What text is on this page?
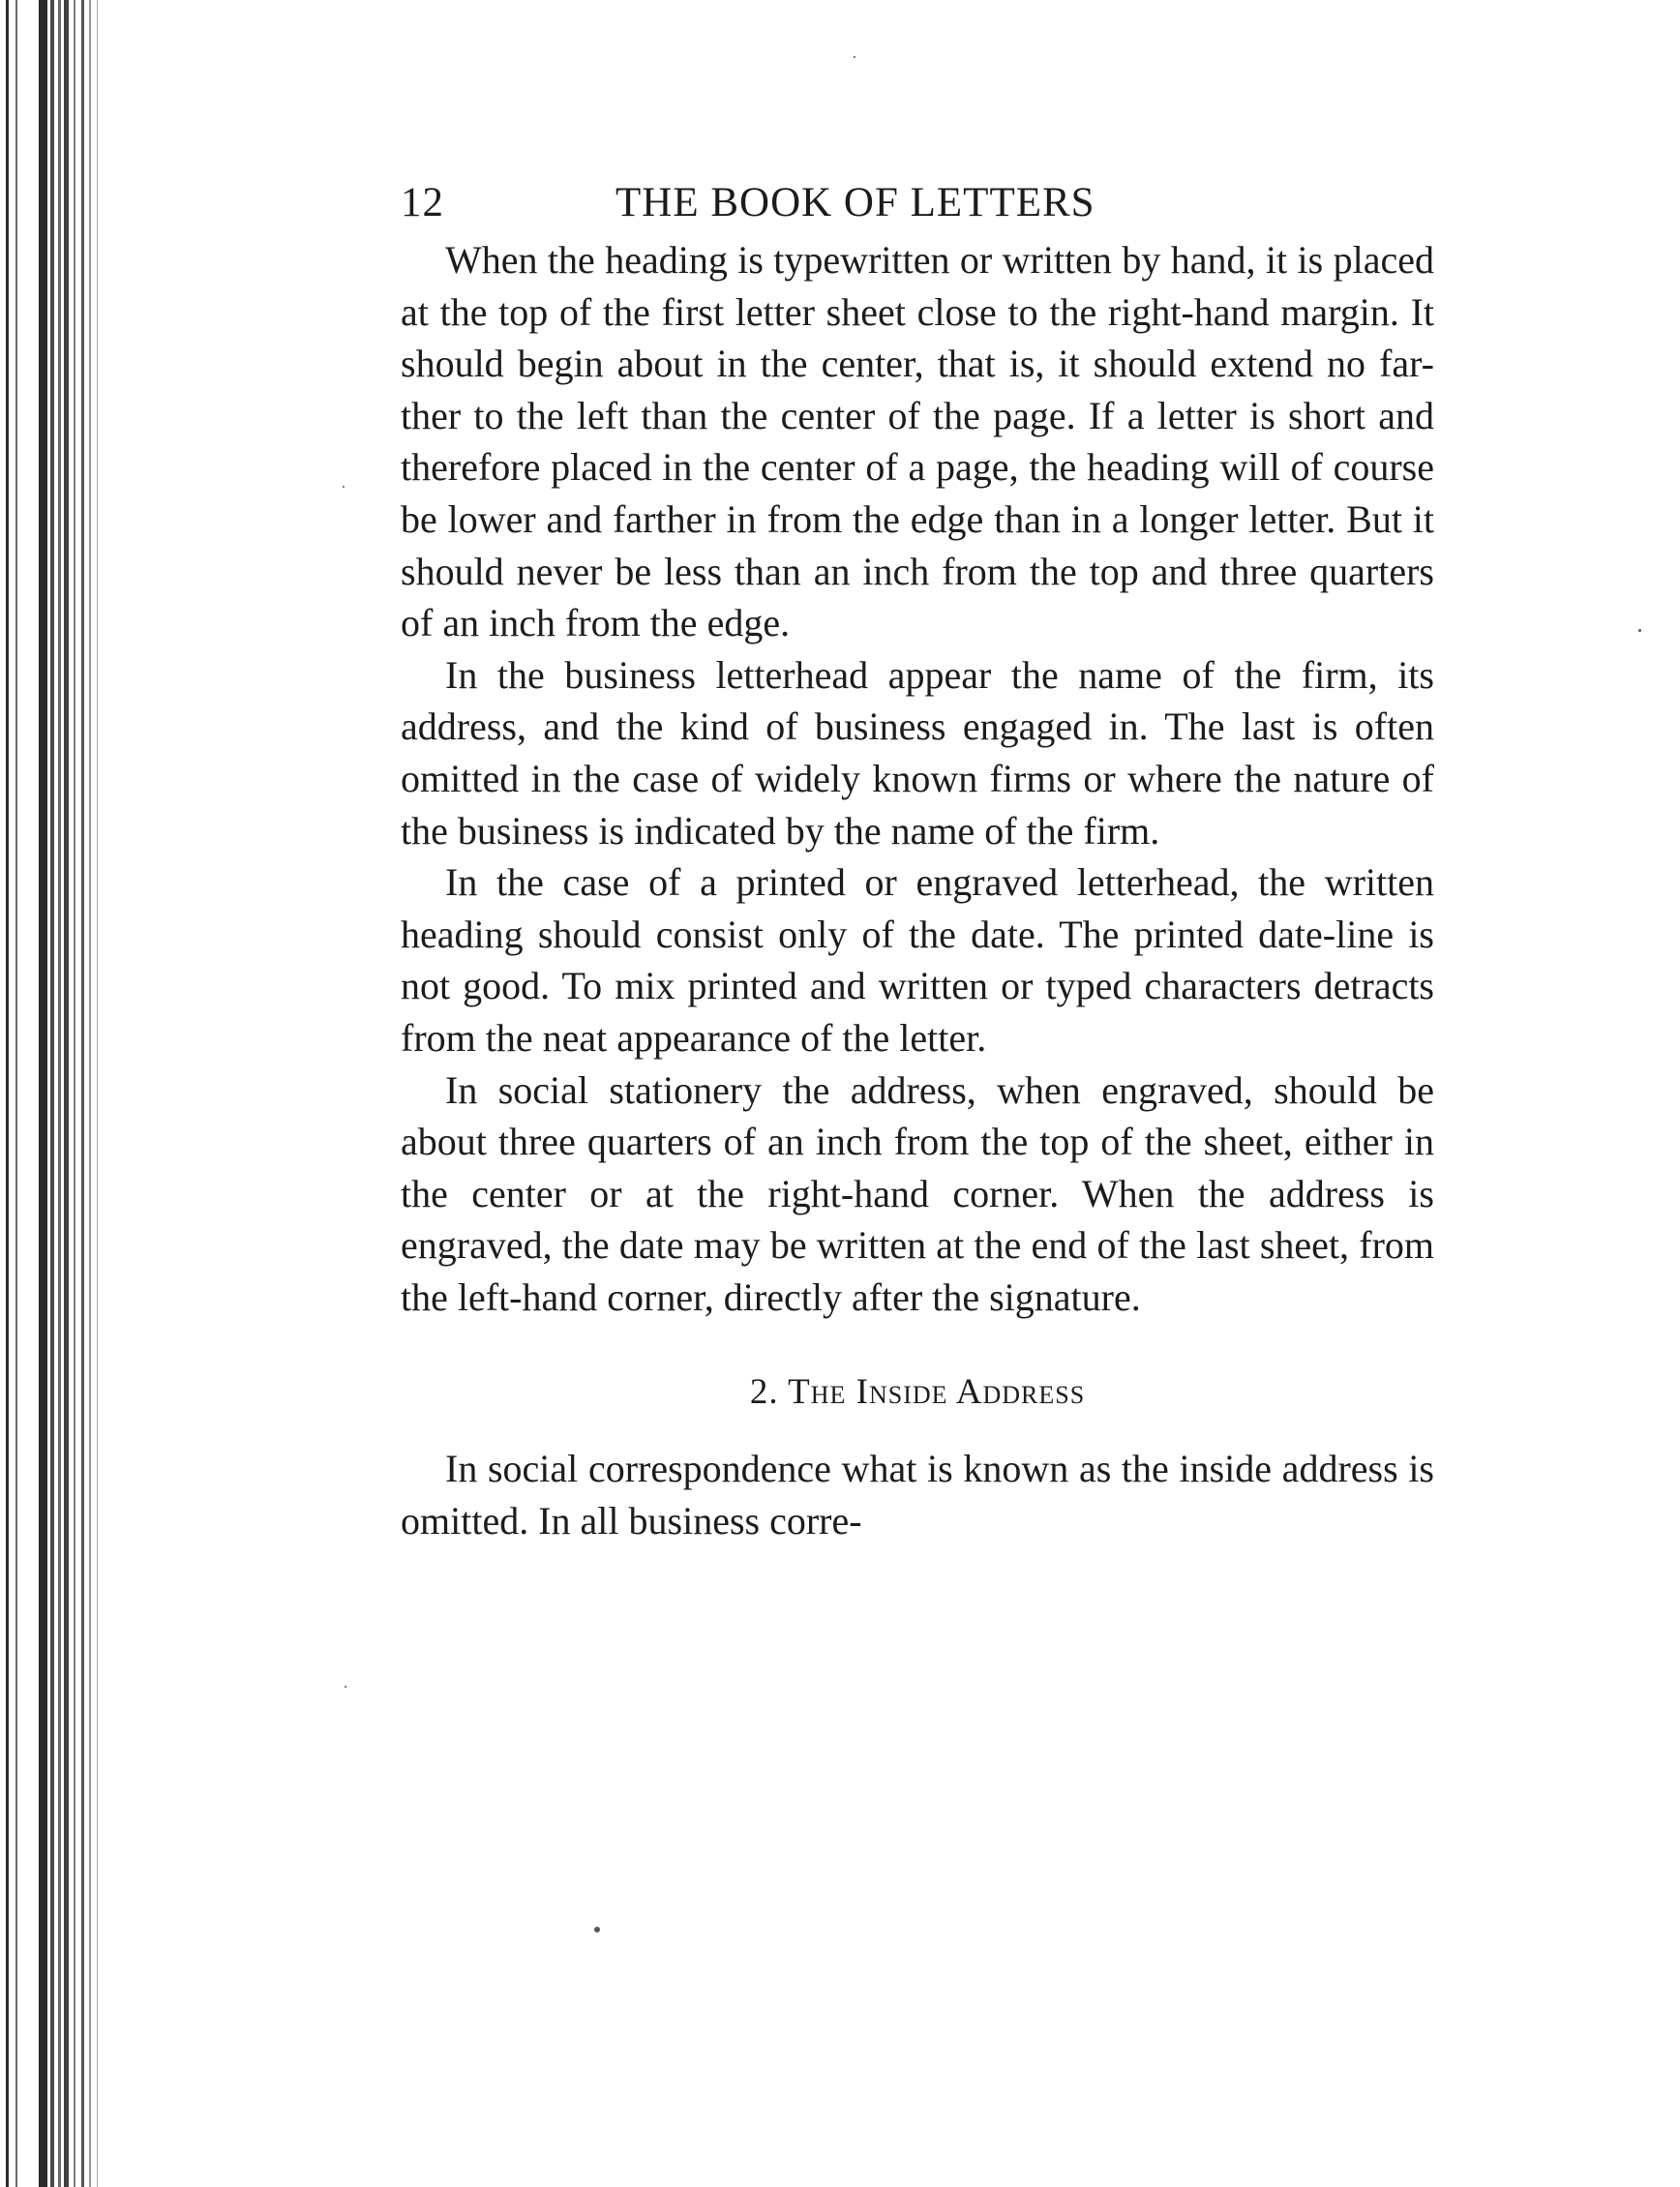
12	THE BOOK OF LETTERS

When the heading is typewritten or written by hand, it is placed at the top of the first letter sheet close to the right-hand margin. It should begin about in the center, that is, it should extend no far-ther to the left than the center of the page. If a letter is short and therefore placed in the center of a page, the heading will of course be lower and farther in from the edge than in a longer letter. But it should never be less than an inch from the top and three quarters of an inch from the edge.

In the business letterhead appear the name of the firm, its address, and the kind of business engaged in. The last is often omitted in the case of widely known firms or where the nature of the business is indicated by the name of the firm.

In the case of a printed or engraved letterhead, the written heading should consist only of the date. The printed date-line is not good. To mix printed and written or typed characters detracts from the neat appearance of the letter.

In social stationery the address, when engraved, should be about three quarters of an inch from the top of the sheet, either in the center or at the right-hand corner. When the address is engraved, the date may be written at the end of the last sheet, from the left-hand corner, directly after the signature.

2. The Inside Address

In social correspondence what is known as the inside address is omitted. In all business corre-
